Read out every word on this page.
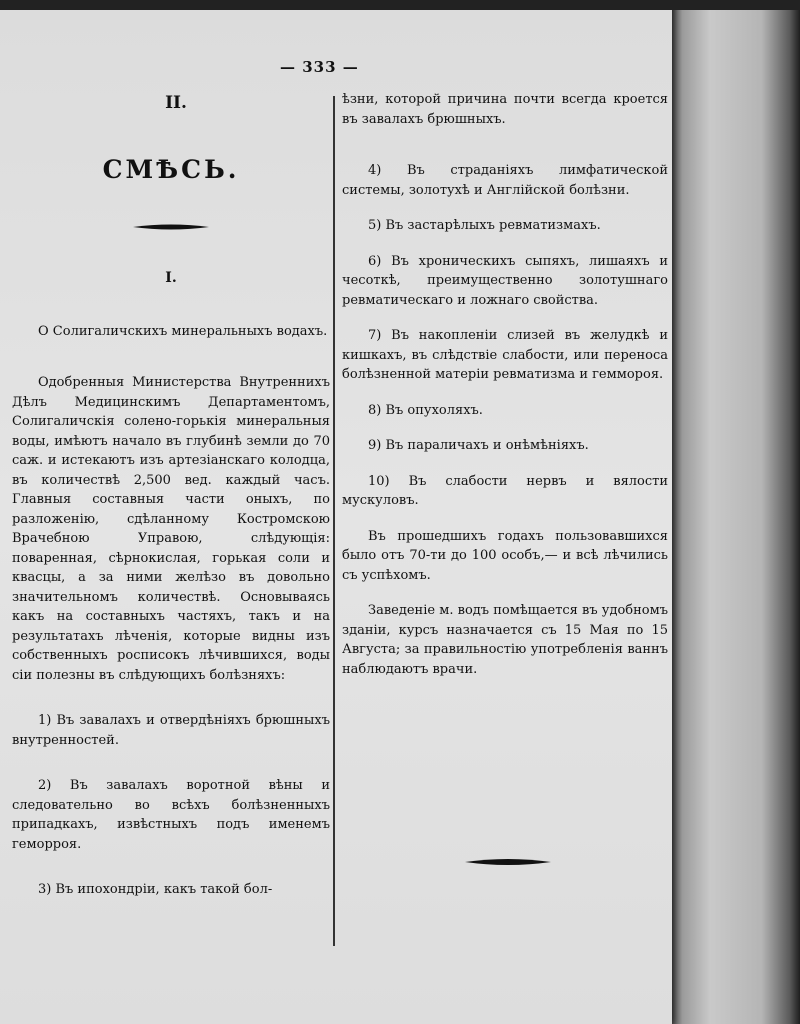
— 333 —
II.
СМѢСЬ.
I.

О Солигаличскихъ минеральныхъ водахъ.

Одобренныя Министерства Внутреннихъ Дѣлъ Медицинскимъ Департаментомъ, Солигаличскія солено-горькія минеральныя воды, имѣютъ начало въ глубинѣ земли до 70 саж. и истекаютъ изъ артезіанскаго колодца, въ количествѣ 2,500 вед. каждый часъ. Главныя составныя части оныхъ, по разложенію, сдѣланному Костромскою Врачебною Управою, слѣдующія: поваренная, сѣрнокислая, горькая соли и квасцы, а за ними желѣзо въ довольно значительномъ количествѣ. Основываясь какъ на составныхъ частяхъ, такъ и на результатахъ лѣченія, которые видны изъ собственныхъ росписокъ лѣчившихся, воды сіи полезны въ слѣдующихъ болѣзняхъ:

1) Въ завалахъ и отвердѣніяхъ брюшныхъ внутренностей.

2) Въ завалахъ воротной вѣны и следовательно во всѣхъ болѣзненныхъ припадкахъ, извѣстныхъ подъ именемъ геморроя.

3) Въ ипохондріи, какъ такой бол-

ѣзни, которой причина почти всегда кроется въ завалахъ брюшныхъ.

4) Въ страданіяхъ лимфатической системы, золотухѣ и Англійской болѣзни.

5) Въ застарѣлыхъ ревматизмахъ.

6) Въ хроническихъ сыпяхъ, лишаяхъ и чесоткѣ, преимущественно золотушнаго ревматическаго и ложнаго свойства.

7) Въ накопленіи слизей въ желудкѣ и кишкахъ, въ слѣдствіе слабости, или переноса болѣзненной матеріи ревматизма и геммороя.

8) Въ опухоляхъ.

9) Въ параличахъ и онѣмѣніяхъ.

10) Въ слабости нервъ и вялости мускуловъ.

Въ прошедшихъ годахъ пользовавшихся было отъ 70-ти до 100 особъ,— и всѣ лѣчились съ успѣхомъ.

Заведеніе м. водъ помѣщается въ удобномъ зданіи, курсъ назначается съ 15 Мая по 15 Августа; за правильностію употребленія ваннъ наблюдаютъ врачи.
